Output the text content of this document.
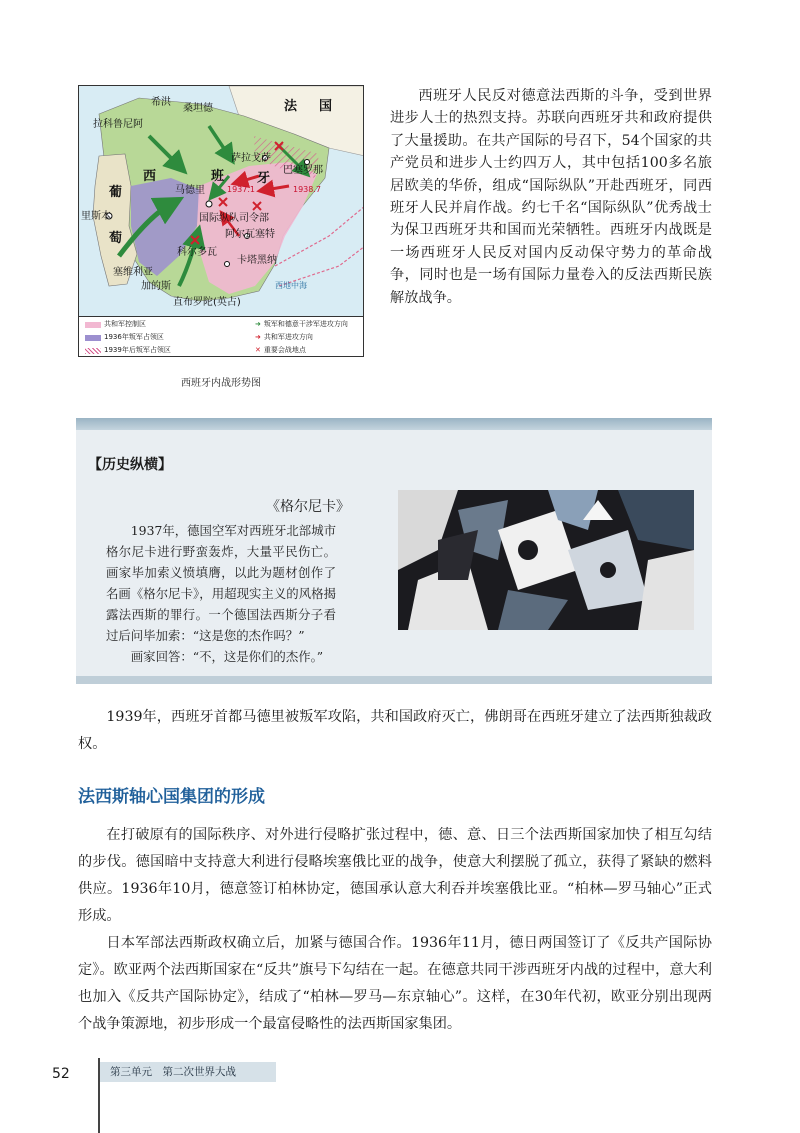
希洪
桑坦德
拉科鲁尼阿
法 国
西	班	牙
萨拉戈萨
巴塞罗那
马德里
葡
萄
里斯本	国际纵队司令部
阿尔瓦塞特
科尔多瓦
卡塔黑纳
塞维利亚
加的斯
直布罗陀(英占)
西地中海
1937.1	1938.7
共和军控制区
1936年叛军占领区
1939年后叛军占领区
➜ 叛军和德意干涉军进攻方向
➜ 共和军进攻方向
✕ 重要会战地点
西班牙内战形势图

西班牙人民反对德意法西斯的斗争，受到世界进步人士的热烈支持。苏联向西班牙共和政府提供了大量援助。在共产国际的号召下，54个国家的共产党员和进步人士约四万人，其中包括100多名旅居欧美的华侨，组成“国际纵队”开赴西班牙，同西班牙人民并肩作战。约七千名“国际纵队”优秀战士为保卫西班牙共和国而光荣牺牲。西班牙内战既是一场西班牙人民反对国内反动保守势力的革命战争，同时也是一场有国际力量卷入的反法西斯民族解放战争。

【历史纵横】
《格尔尼卡》

1937年，德国空军对西班牙北部城市格尔尼卡进行野蛮轰炸，大量平民伤亡。画家毕加索义愤填膺，以此为题材创作了名画《格尔尼卡》，用超现实主义的风格揭露法西斯的罪行。一个德国法西斯分子看过后问毕加索：“这是您的杰作吗？”

画家回答：“不，这是你们的杰作。”

1939年，西班牙首都马德里被叛军攻陷，共和国政府灭亡，佛朗哥在西班牙建立了法西斯独裁政权。

法西斯轴心国集团的形成

在打破原有的国际秩序、对外进行侵略扩张过程中，德、意、日三个法西斯国家加快了相互勾结的步伐。德国暗中支持意大利进行侵略埃塞俄比亚的战争，使意大利摆脱了孤立，获得了紧缺的燃料供应。1936年10月，德意签订柏林协定，德国承认意大利吞并埃塞俄比亚。“柏林—罗马轴心”正式形成。

日本军部法西斯政权确立后，加紧与德国合作。1936年11月，德日两国签订了《反共产国际协定》。欧亚两个法西斯国家在“反共”旗号下勾结在一起。在德意共同干涉西班牙内战的过程中，意大利也加入《反共产国际协定》，结成了“柏林—罗马—东京轴心”。这样，在30年代初，欧亚分别出现两个战争策源地，初步形成一个最富侵略性的法西斯国家集团。

52	第三单元　第二次世界大战
